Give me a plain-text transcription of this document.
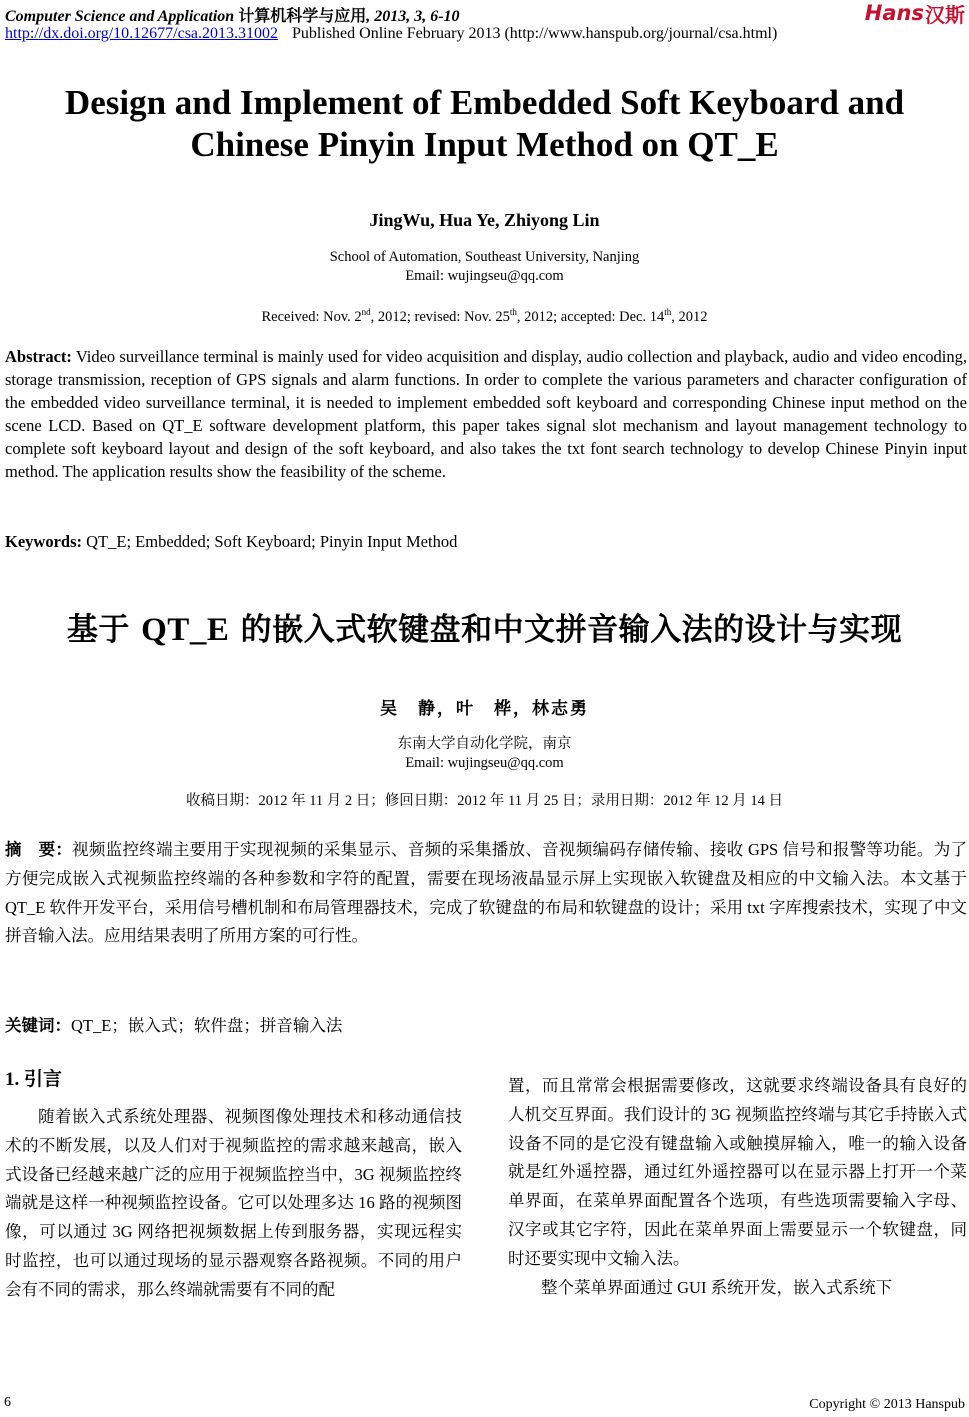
Computer Science and Application 计算机科学与应用, 2013, 3, 6-10
http://dx.doi.org/10.12677/csa.2013.31002 Published Online February 2013 (http://www.hanspub.org/journal/csa.html)
Hans 汉斯
Design and Implement of Embedded Soft Keyboard and
Chinese Pinyin Input Method on QT_E
JingWu, Hua Ye, Zhiyong Lin
School of Automation, Southeast University, Nanjing
Email: wujingseu@qq.com
Received: Nov. 2nd, 2012; revised: Nov. 25th, 2012; accepted: Dec. 14th, 2012
Abstract: Video surveillance terminal is mainly used for video acquisition and display, audio collection and playback, audio and video encoding, storage transmission, reception of GPS signals and alarm functions. In order to complete the various parameters and character configuration of the embedded video surveillance terminal, it is needed to implement embedded soft keyboard and corresponding Chinese input method on the scene LCD. Based on QT_E software development platform, this paper takes signal slot mechanism and layout management technology to complete soft keyboard layout and design of the soft keyboard, and also takes the txt font search technology to develop Chinese Pinyin input method. The application results show the feasibility of the scheme.
Keywords: QT_E; Embedded; Soft Keyboard; Pinyin Input Method
基于 QT_E 的嵌入式软键盘和中文拼音输入法的设计与实现
吴　静，叶　桦，林志勇
东南大学自动化学院，南京
Email: wujingseu@qq.com
收稿日期：2012 年 11 月 2 日；修回日期：2012 年 11 月 25 日；录用日期：2012 年 12 月 14 日
摘　要：视频监控终端主要用于实现视频的采集显示、音频的采集播放、音视频编码存储传输、接收 GPS 信号和报警等功能。为了方便完成嵌入式视频监控终端的各种参数和字符的配置，需要在现场液晶显示屏上实现嵌入软键盘及相应的中文输入法。本文基于 QT_E 软件开发平台，采用信号槽机制和布局管理器技术，完成了软键盘的布局和软键盘的设计；采用 txt 字库搜索技术，实现了中文拼音输入法。应用结果表明了所用方案的可行性。
关键词：QT_E；嵌入式；软件盘；拼音输入法
1. 引言

随着嵌入式系统处理器、视频图像处理技术和移动通信技术的不断发展，以及人们对于视频监控的需求越来越高，嵌入式设备已经越来越广泛的应用于视频监控当中，3G 视频监控终端就是这样一种视频监控设备。它可以处理多达 16 路的视频图像，可以通过 3G 网络把视频数据上传到服务器，实现远程实时监控，也可以通过现场的显示器观察各路视频。不同的用户会有不同的需求，那么终端就需要有不同的配

置，而且常常会根据需要修改，这就要求终端设备具有良好的人机交互界面。我们设计的 3G 视频监控终端与其它手持嵌入式设备不同的是它没有键盘输入或触摸屏输入，唯一的输入设备就是红外遥控器，通过红外遥控器可以在显示器上打开一个菜单界面，在菜单界面配置各个选项，有些选项需要输入字母、汉字或其它字符，因此在菜单界面上需要显示一个软键盘，同时还要实现中文输入法。

整个菜单界面通过 GUI 系统开发，嵌入式系统下

6	Copyright © 2013 Hanspub
